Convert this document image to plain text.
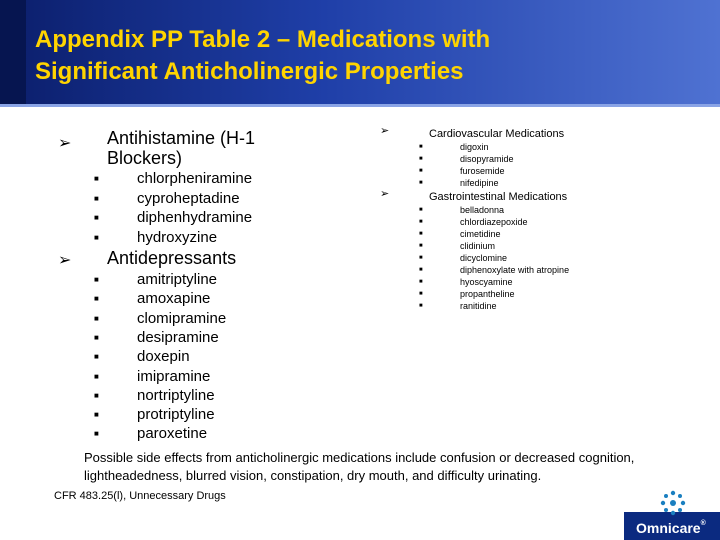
Appendix PP Table 2 – Medications with
Significant Anticholinergic Properties
➢ Antihistamine (H-1
Blockers)
■	chlorpheniramine
■	cyproheptadine
■	diphenhydramine
■	hydroxyzine
➢ Antidepressants
■	amitriptyline
■	amoxapine
■	clomipramine
■	desipramine
■	doxepin
■	imipramine
■	nortriptyline
■	protriptyline
■	paroxetine
➢	Cardiovascular Medications
■	digoxin
■	disopyramide
■	furosemide
■	nifedipine
➢	Gastrointestinal Medications
■	belladonna
■	chlordiazepoxide
■	cimetidine
■	clidinium
■	dicyclomine
■	diphenoxylate with atropine
■	hyoscyamine
■	propantheline
■	ranitidine
Possible side effects from anticholinergic medications include confusion or decreased cognition, lightheadedness, blurred vision, constipation, dry mouth, and difficulty urinating.
CFR 483.25(l), Unnecessary Drugs
Omnicare®
